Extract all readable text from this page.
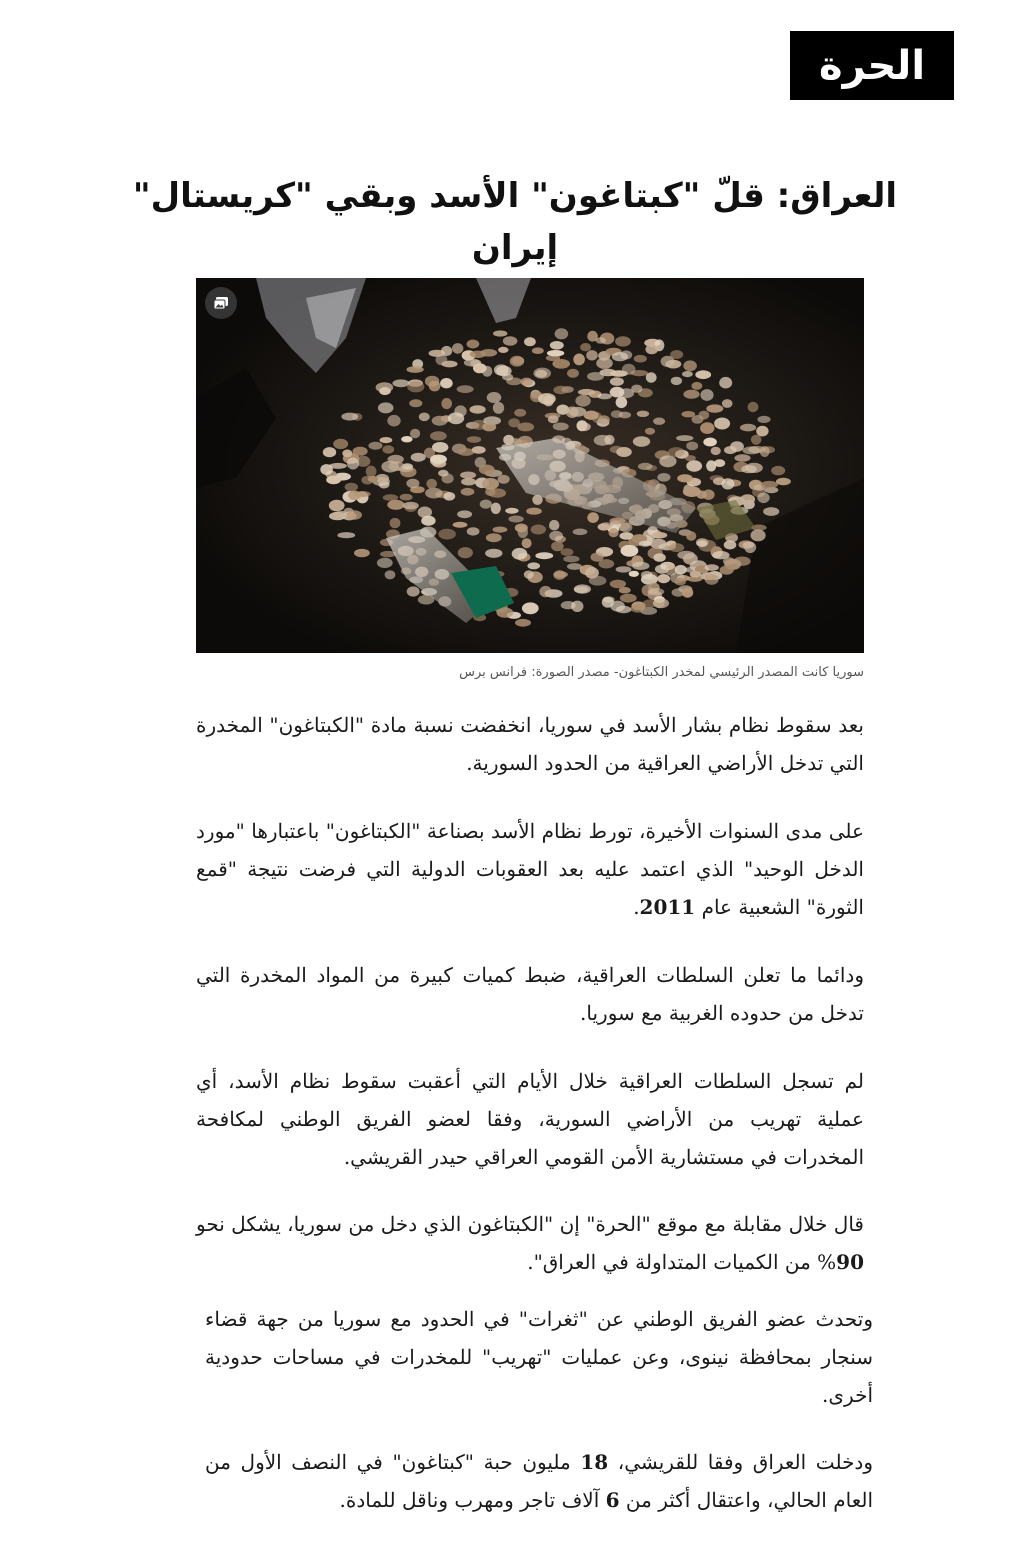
الحرة
العراق: قلّ "كبتاغون" الأسد وبقي "كريستال" إيران

سوريا كانت المصدر الرئيسي لمخدر الكبتاغون- مصدر الصورة: فرانس برس

بعد سقوط نظام بشار الأسد في سوريا، انخفضت نسبة مادة "الكبتاغون" المخدرة التي تدخل الأراضي العراقية من الحدود السورية.

على مدى السنوات الأخيرة، تورط نظام الأسد بصناعة "الكبتاغون" باعتبارها "مورد الدخل الوحيد" الذي اعتمد عليه بعد العقوبات الدولية التي فرضت نتيجة "قمع الثورة" الشعبية عام 2011.

ودائما ما تعلن السلطات العراقية، ضبط كميات كبيرة من المواد المخدرة التي تدخل من حدوده الغربية مع سوريا.

لم تسجل السلطات العراقية خلال الأيام التي أعقبت سقوط نظام الأسد، أي عملية تهريب من الأراضي السورية، وفقا لعضو الفريق الوطني لمكافحة المخدرات في مستشارية الأمن القومي العراقي حيدر القريشي.

قال خلال مقابلة مع موقع "الحرة" إن "الكبتاغون الذي دخل من سوريا، يشكل نحو 90% من الكميات المتداولة في العراق".

وتحدث عضو الفريق الوطني عن "ثغرات" في الحدود مع سوريا من جهة قضاء سنجار بمحافظة نينوى، وعن عمليات "تهريب" للمخدرات في مساحات حدودية أخرى.

ودخلت العراق وفقا للقريشي، 18 مليون حبة "كبتاغون" في النصف الأول من العام الحالي، واعتقال أكثر من 6 آلاف تاجر ومهرب وناقل للمادة.
